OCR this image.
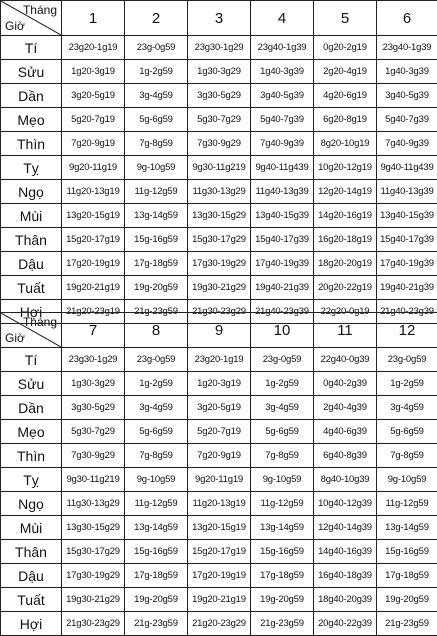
Tháng
Giờ	1	2	3	4	5	6
Tí	23g20-1g19	23g-0g59	23g30-1g29	23g40-1g39	0g20-2g19	23g40-1g39
Sửu	1g20-3g19	1g-2g59	1g30-3g29	1g40-3g39	2g20-4g19	1g40-3g39
Dần	3g20-5g19	3g-4g59	3g30-5g29	3g40-5g39	4g20-6g19	3g40-5g39
Mẹo	5g20-7g19	5g-6g59	5g30-7g29	5g40-7g39	6g20-8g19	5g40-7g39
Thìn	7g20-9g19	7g-8g59	7g30-9g29	7g40-9g39	8g20-10g19	7g40-9g39
Tỵ	9g20-11g19	9g-10g59	9g30-11g219	9g40-11g439	10g20-12g19	9g40-11g439
Ngọ	11g20-13g19	11g-12g59	11g30-13g29	11g40-13g39	12g20-14g19	11g40-13g39
Mùi	13g20-15g19	13g-14g59	13g30-15g29	13g40-15g39	14g20-16g19	13g40-15g39
Thân	15g20-17g19	15g-16g59	15g30-17g29	15g40-17g39	16g20-18g19	15g40-17g39
Dậu	17g20-19g19	17g-18g59	17g30-19g29	17g40-19g39	18g20-20g19	17g40-19g39
Tuất	19g20-21g19	19g-20g59	19g30-21g29	19g40-21g39	20g20-22g19	19g40-21g39
Hợi	21g20-23g19	21g-23g59	21g30-23g29	21g40-23g39	22g20-0g19	21g40-23g39
Tháng
Giờ	7	8	9	10	11	12
Tí	23g30-1g29	23g-0g59	23g20-1g19	23g-0g59	22g40-0g39	23g-0g59
Sửu	1g30-3g29	1g-2g59	1g20-3g19	1g-2g59	0g40-2g39	1g-2g59
Dần	3g30-5g29	3g-4g59	3g20-5g19	3g-4g59	2g40-4g39	3g-4g59
Mẹo	5g30-7g29	5g-6g59	5g20-7g19	5g-6g59	4g40-6g39	5g-6g59
Thìn	7g30-9g29	7g-8g59	7g20-9g19	7g-8g59	6g40-8g39	7g-8g59
Tỵ	9g30-11g219	9g-10g59	9g20-11g19	9g-10g59	8g40-10g39	9g-10g59
Ngọ	11g30-13g29	11g-12g59	11g20-13g19	11g-12g59	10g40-12g39	11g-12g59
Mùi	13g30-15g29	13g-14g59	13g20-15g19	13g-14g59	12g40-14g39	13g-14g59
Thân	15g30-17g29	15g-16g59	15g20-17g19	15g-16g59	14g40-16g39	15g-16g59
Dậu	17g30-19g29	17g-18g59	17g20-19g19	17g-18g59	16g40-18g39	17g-18g59
Tuất	19g30-21g29	19g-20g59	19g20-21g19	19g-20g59	18g40-20g39	19g-20g59
Hợi	21g30-23g29	21g-23g59	21g20-23g29	21g-23g59	20g40-22g39	21g-23g59
